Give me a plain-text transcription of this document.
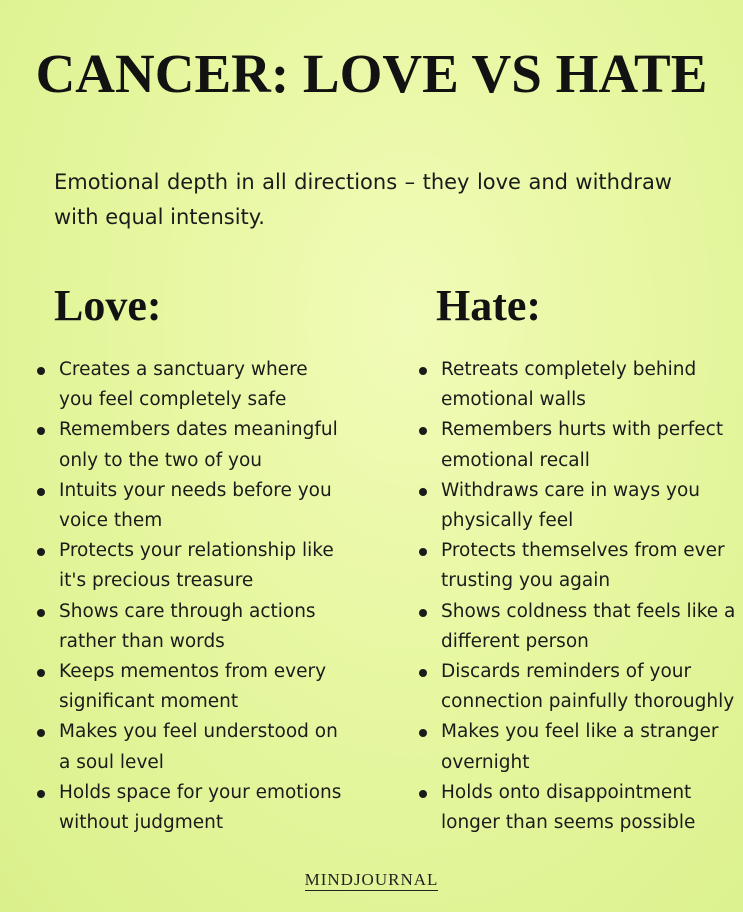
CANCER: LOVE VS HATE

Emotional depth in all directions – they love and withdraw with equal intensity.

Love:
Creates a sanctuary where you feel completely safe
Remembers dates meaningful only to the two of you
Intuits your needs before you voice them
Protects your relationship like it's precious treasure
Shows care through actions rather than words
Keeps mementos from every significant moment
Makes you feel understood on a soul level
Holds space for your emotions without judgment
Hate:
Retreats completely behind emotional walls
Remembers hurts with perfect emotional recall
Withdraws care in ways you physically feel
Protects themselves from ever trusting you again
Shows coldness that feels like a different person
Discards reminders of your connection painfully thoroughly
Makes you feel like a stranger overnight
Holds onto disappointment longer than seems possible
MINDJOURNAL
